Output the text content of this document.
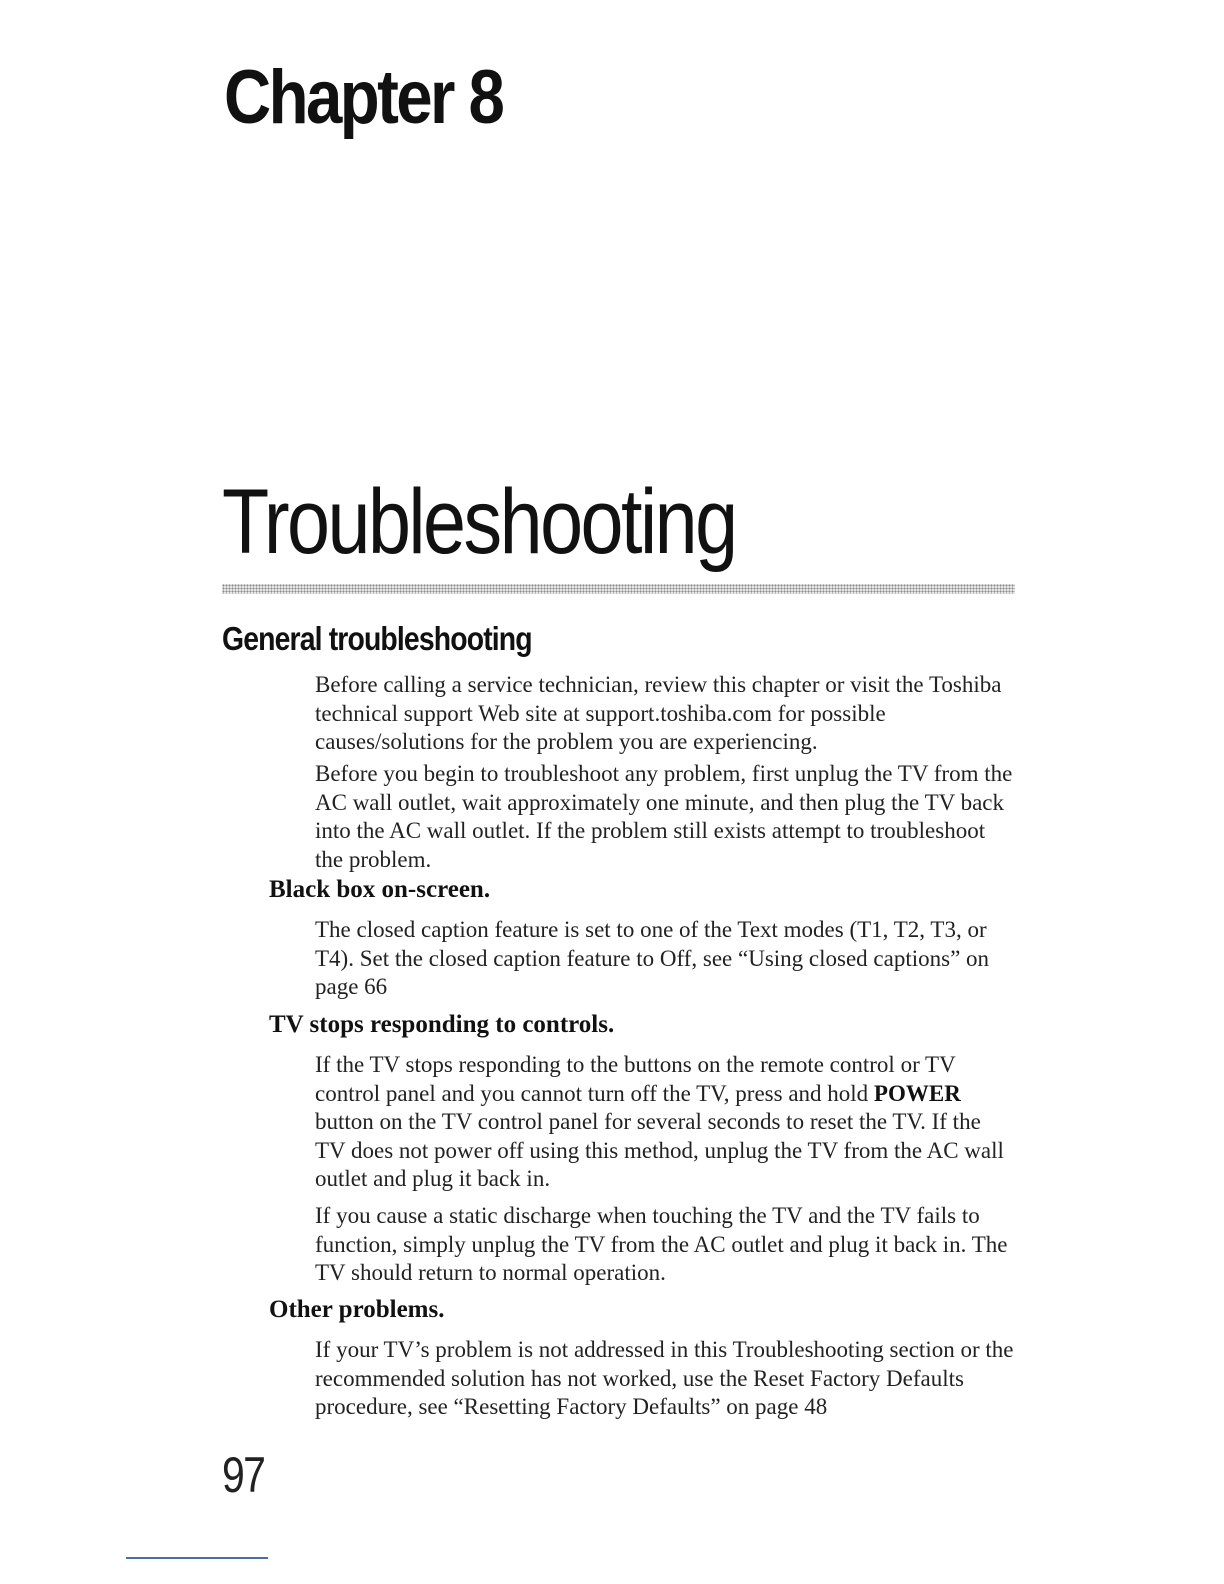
Chapter 8
Troubleshooting
General troubleshooting

Before calling a service technician, review this chapter or visit the Toshiba technical support Web site at support.toshiba.com for possible causes/solutions for the problem you are experiencing.

Before you begin to troubleshoot any problem, first unplug the TV from the AC wall outlet, wait approximately one minute, and then plug the TV back into the AC wall outlet. If the problem still exists attempt to troubleshoot the problem.

Black box on-screen.

The closed caption feature is set to one of the Text modes (T1, T2, T3, or T4). Set the closed caption feature to Off, see “Using closed captions” on page 66

TV stops responding to controls.

If the TV stops responding to the buttons on the remote control or TV control panel and you cannot turn off the TV, press and hold POWER button on the TV control panel for several seconds to reset the TV. If the TV does not power off using this method, unplug the TV from the AC wall outlet and plug it back in.

If you cause a static discharge when touching the TV and the TV fails to function, simply unplug the TV from the AC outlet and plug it back in. The TV should return to normal operation.

Other problems.

If your TV’s problem is not addressed in this Troubleshooting section or the recommended solution has not worked, use the Reset Factory Defaults procedure, see “Resetting Factory Defaults” on page 48

97
